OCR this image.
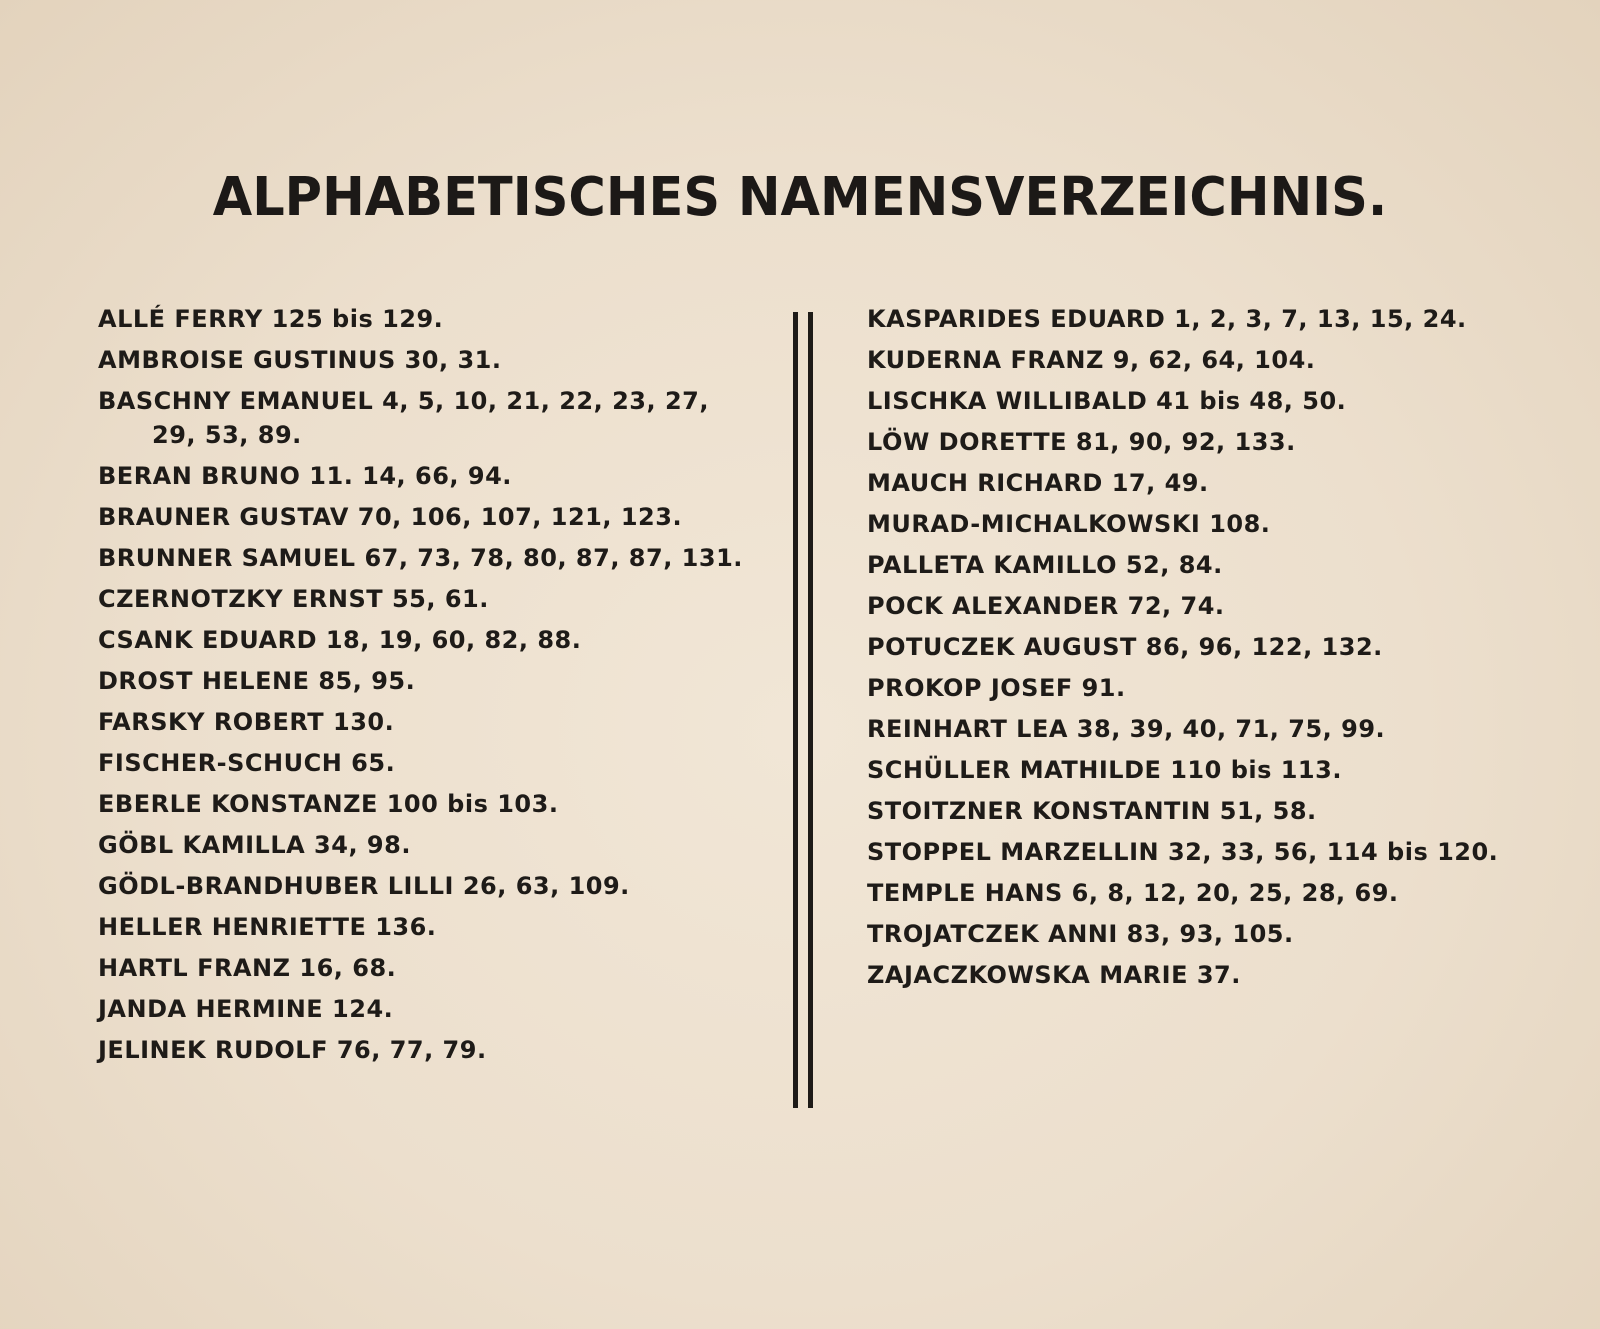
ALPHABETISCHES NAMENSVERZEICHNIS.
ALLÉ FERRY 125 bis 129.
AMBROISE GUSTINUS 30, 31.
BASCHNY EMANUEL 4, 5, 10, 21, 22, 23, 27, 29, 53, 89.
BERAN BRUNO 11. 14, 66, 94.
BRAUNER GUSTAV 70, 106, 107, 121, 123.
BRUNNER SAMUEL 67, 73, 78, 80, 87, 87, 131.
CZERNOTZKY ERNST 55, 61.
CSANK EDUARD 18, 19, 60, 82, 88.
DROST HELENE 85, 95.
FARSKY ROBERT 130.
FISCHER-SCHUCH 65.
EBERLE KONSTANZE 100 bis 103.
GÖBL KAMILLA 34, 98.
GÖDL-BRANDHUBER LILLI 26, 63, 109.
HELLER HENRIETTE 136.
HARTL FRANZ 16, 68.
JANDA HERMINE 124.
JELINEK RUDOLF 76, 77, 79.
KASPARIDES EDUARD 1, 2, 3, 7, 13, 15, 24.
KUDERNA FRANZ 9, 62, 64, 104.
LISCHKA WILLIBALD 41 bis 48, 50.
LÖW DORETTE 81, 90, 92, 133.
MAUCH RICHARD 17, 49.
MURAD-MICHALKOWSKI 108.
PALLETA KAMILLO 52, 84.
POCK ALEXANDER 72, 74.
POTUCZEK AUGUST 86, 96, 122, 132.
PROKOP JOSEF 91.
REINHART LEA 38, 39, 40, 71, 75, 99.
SCHÜLLER MATHILDE 110 bis 113.
STOITZNER KONSTANTIN 51, 58.
STOPPEL MARZELLIN 32, 33, 56, 114 bis 120.
TEMPLE HANS 6, 8, 12, 20, 25, 28, 69.
TROJATCZEK ANNI 83, 93, 105.
ZAJACZKOWSKA MARIE 37.
